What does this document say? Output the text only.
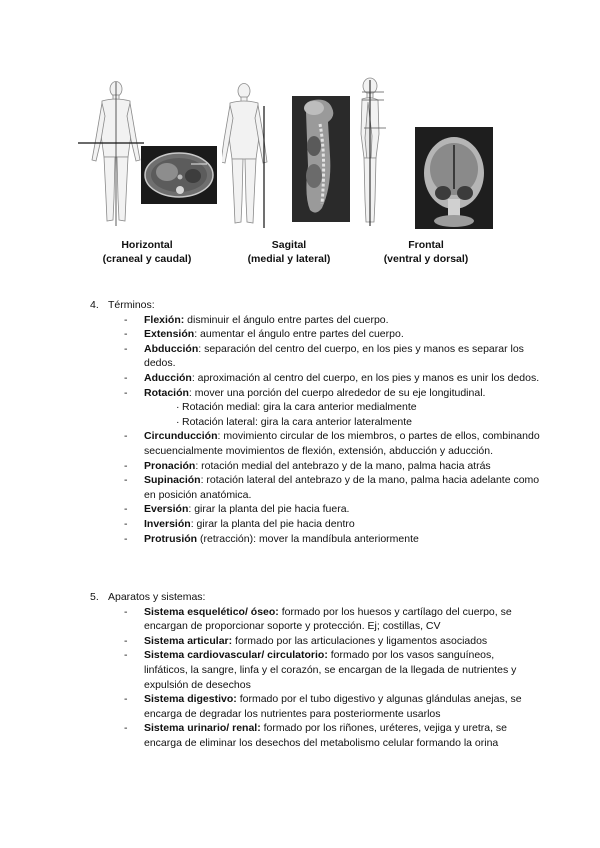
Horizontal
(craneal y caudal)
Sagital
(medial y lateral)
Frontal
(ventral y dorsal)
4. Términos:
- Flexión: disminuir el ángulo entre partes del cuerpo.
- Extensión: aumentar el ángulo entre partes del cuerpo.
- Abducción: separación del centro del cuerpo, en los pies y manos es separar los dedos.
- Aducción: aproximación al centro del cuerpo, en los pies y manos es unir los dedos.
- Rotación: mover una porción del cuerpo alrededor de su eje longitudinal.
· Rotación medial: gira la cara anterior medialmente
· Rotación lateral: gira la cara anterior lateralmente
- Circunducción: movimiento circular de los miembros, o partes de ellos, combinando secuencialmente movimientos de flexión, extensión, abducción y aducción.
- Pronación: rotación medial del antebrazo y de la mano, palma hacia atrás
- Supinación: rotación lateral del antebrazo y de la mano, palma hacia adelante como en posición anatómica.
- Eversión: girar la planta del pie hacia fuera.
- Inversión: girar la planta del pie hacia dentro
- Protrusión (retracción): mover la mandíbula anteriormente
5. Aparatos y sistemas:
- Sistema esquelético/ óseo: formado por los huesos y cartílago del cuerpo, se encargan de proporcionar soporte y protección. Ej; costillas, CV
- Sistema articular: formado por las articulaciones y ligamentos asociados
- Sistema cardiovascular/ circulatorio: formado por los vasos sanguíneos, linfáticos, la sangre, linfa y el corazón, se encargan de la llegada de nutrientes y expulsión de desechos
- Sistema digestivo: formado por el tubo digestivo y algunas glándulas anejas, se encarga de degradar los nutrientes para posteriormente usarlos
- Sistema urinario/ renal: formado por los riñones, uréteres, vejiga y uretra, se encarga de eliminar los desechos del metabolismo celular formando la orina
